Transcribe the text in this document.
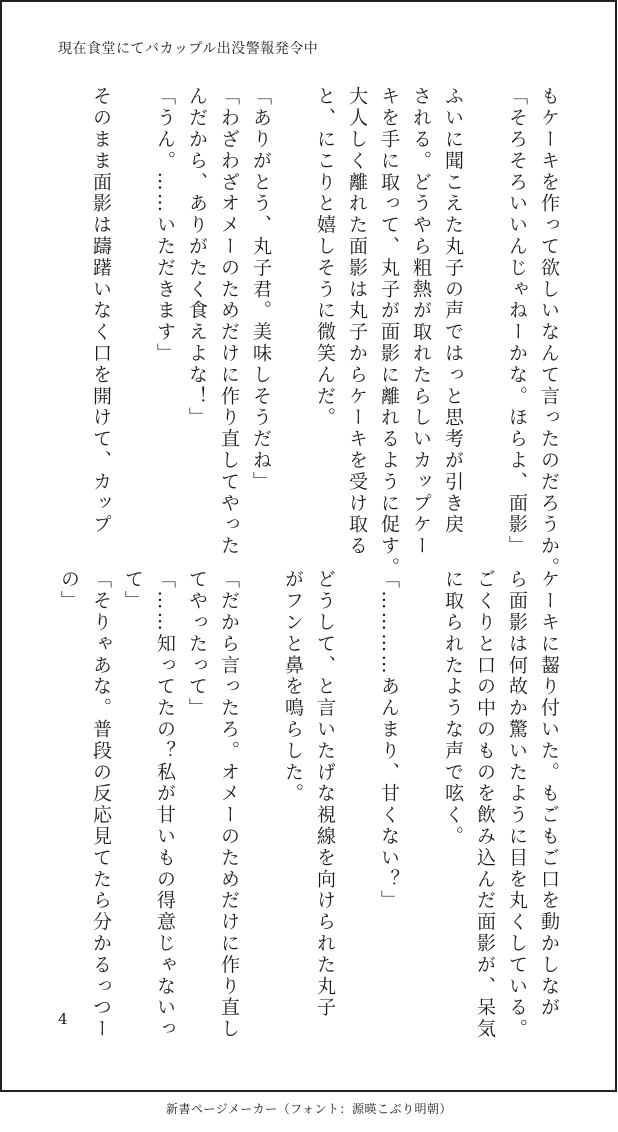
現在食堂にてバカップル出没警報発令中
もケーキを作って欲しいなんて言ったのだろうか。
「そろそろいいんじゃねーかな。ほらよ、面影」

ふいに聞こえた丸子の声ではっと思考が引き戻
される。どうやら粗熱が取れたらしいカップケー
キを手に取って、丸子が面影に離れるように促す。
大人しく離れた面影は丸子からケーキを受け取る
と、にこりと嬉しそうに微笑んだ。

「ありがとう、丸子君。美味しそうだね」
「わざわざオメーのためだけに作り直してやった
んだから、ありがたく食えよな！」
「うん。……いただきます」

そのまま面影は躊躇いなく口を開けて、カップ
ケーキに齧り付いた。もごもご口を動かしなが
ら面影は何故か驚いたように目を丸くしている。
ごくりと口の中のものを飲み込んだ面影が、呆気
に取られたような声で呟く。

「…………あんまり、甘くない？」

どうして、と言いたげな視線を向けられた丸子
がフンと鼻を鳴らした。

「だから言ったろ。オメーのためだけに作り直し
てやったって」
「……知ってたの？私が甘いもの得意じゃないっ
て」
「そりゃあな。普段の反応見てたら分かるっつー
の」
4
新書ページメーカー（フォント：源暎こぶり明朝）
